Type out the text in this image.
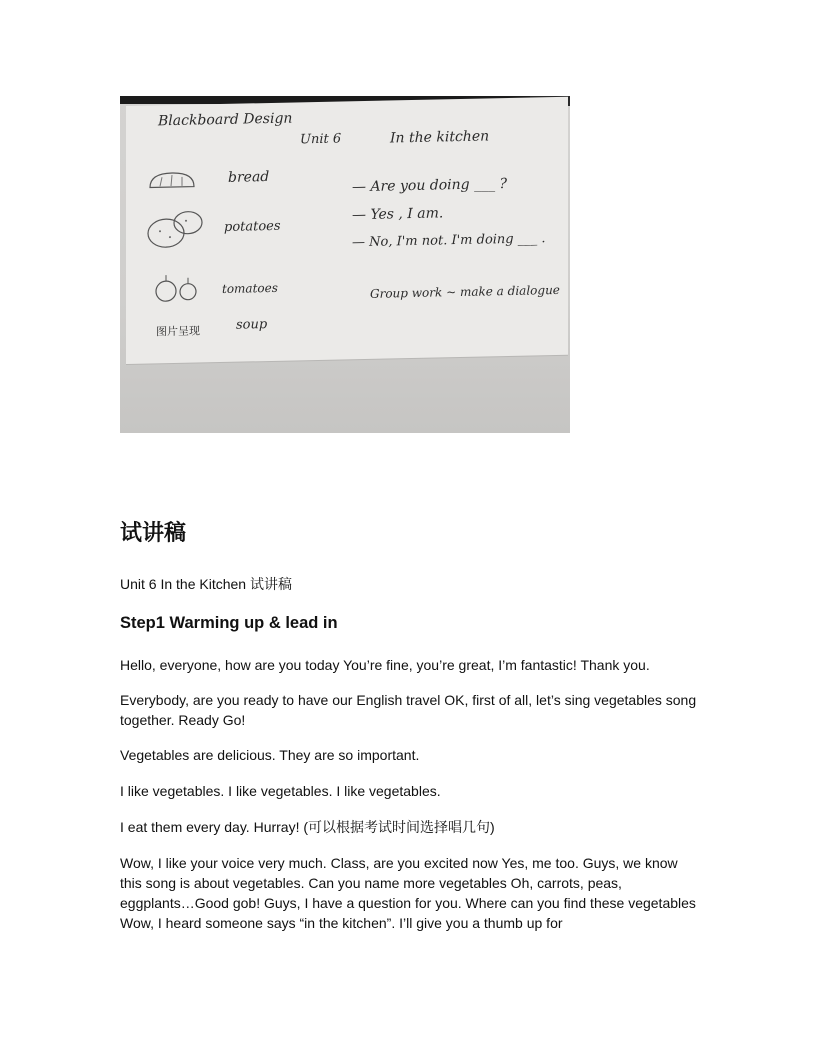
Blackboard Design
Unit 6	In the kitchen
bread
potatoes
tomatoes
图片呈现	soup
— Are you doing ___ ?
— Yes , I am.
— No, I'm not. I'm doing ___ .
Group work ~ make a dialogue
试讲稿
Unit 6 In the Kitchen 试讲稿
Step1 Warming up & lead in
Hello, everyone, how are you today You’re fine, you’re great, I’m fantastic! Thank you.
Everybody, are you ready to have our English travel OK, first of all, let’s sing vegetables song together. Ready Go!
Vegetables are delicious. They are so important.
I like vegetables. I like vegetables. I like vegetables.
I eat them every day. Hurray! (可以根据考试时间选择唱几句)
Wow, I like your voice very much. Class, are you excited now Yes, me too. Guys, we know this song is about vegetables. Can you name more vegetables Oh, carrots, peas, eggplants…Good gob! Guys, I have a question for you. Where can you find these vegetables Wow, I heard someone says “in the kitchen”. I’ll give you a thumb up for
